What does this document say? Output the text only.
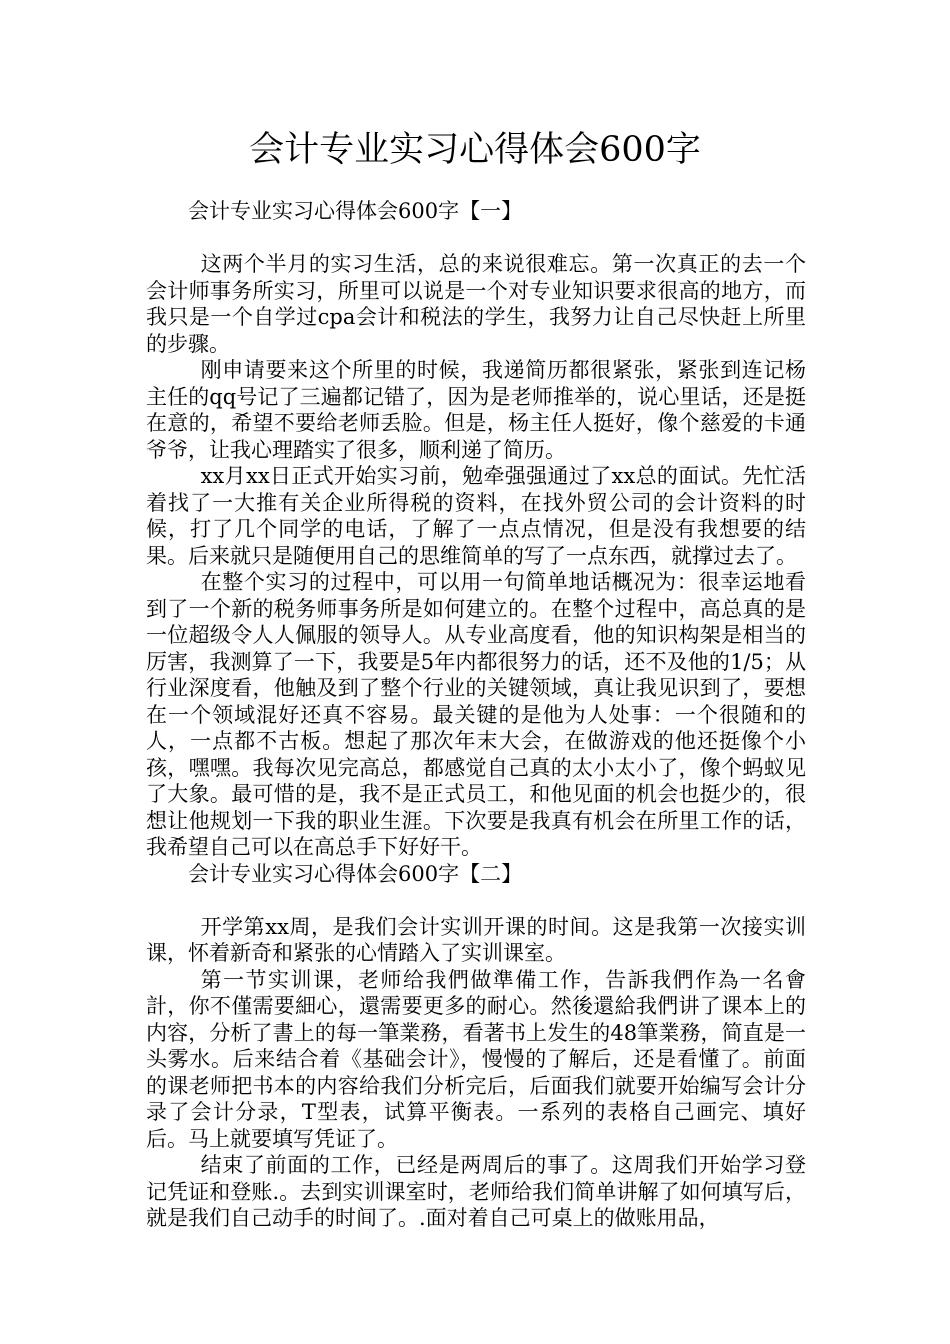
会计专业实习心得体会600字

会计专业实习心得体会600字【一】

这两个半月的实习生活，总的来说很难忘。第一次真正的去一个会计师事务所实习，所里可以说是一个对专业知识要求很高的地方，而我只是一个自学过cpa会计和税法的学生，我努力让自己尽快赶上所里的步骤。

刚申请要来这个所里的时候，我递简历都很紧张，紧张到连记杨主任的qq号记了三遍都记错了，因为是老师推举的，说心里话，还是挺在意的，希望不要给老师丢脸。但是，杨主任人挺好，像个慈爱的卡通爷爷，让我心理踏实了很多，顺利递了简历。

xx月xx日正式开始实习前，勉牵强强通过了xx总的面试。先忙活着找了一大推有关企业所得税的资料，在找外贸公司的会计资料的时候，打了几个同学的电话，了解了一点点情况，但是没有我想要的结果。后来就只是随便用自己的思维简单的写了一点东西，就撑过去了。

在整个实习的过程中，可以用一句简单地话概况为：很幸运地看到了一个新的税务师事务所是如何建立的。在整个过程中，高总真的是一位超级令人人佩服的领导人。从专业高度看，他的知识构架是相当的厉害，我测算了一下，我要是5年内都很努力的话，还不及他的1/5；从行业深度看，他触及到了整个行业的关键领域，真让我见识到了，要想在一个领域混好还真不容易。最关键的是他为人处事：一个很随和的人，一点都不古板。想起了那次年末大会，在做游戏的他还挺像个小孩，嘿嘿。我每次见完高总，都感觉自己真的太小太小了，像个蚂蚁见了大象。最可惜的是，我不是正式员工，和他见面的机会也挺少的，很想让他规划一下我的职业生涯。下次要是我真有机会在所里工作的话，我希望自己可以在高总手下好好干。

会计专业实习心得体会600字【二】

开学第xx周，是我们会计实训开课的时间。这是我第一次接实训课，怀着新奇和紧张的心情踏入了实训课室。

第一节实训课，老师给我們做準備工作，告訴我們作為一名會計，你不僅需要細心，還需要更多的耐心。然後還給我們讲了课本上的内容，分析了書上的每一筆業務，看著书上发生的48筆業務，简直是一头雾水。后来结合着《基础会计》，慢慢的了解后，还是看懂了。前面的课老师把书本的内容给我们分析完后，后面我们就要开始编写会计分录了会计分录，T型表，试算平衡表。一系列的表格自己画完、填好后。马上就要填写凭证了。

结束了前面的工作，已经是两周后的事了。这周我们开始学习登记凭证和登账.。去到实训课室时，老师给我们简单讲解了如何填写后，就是我们自己动手的时间了。.面对着自己可桌上的做账用品，
